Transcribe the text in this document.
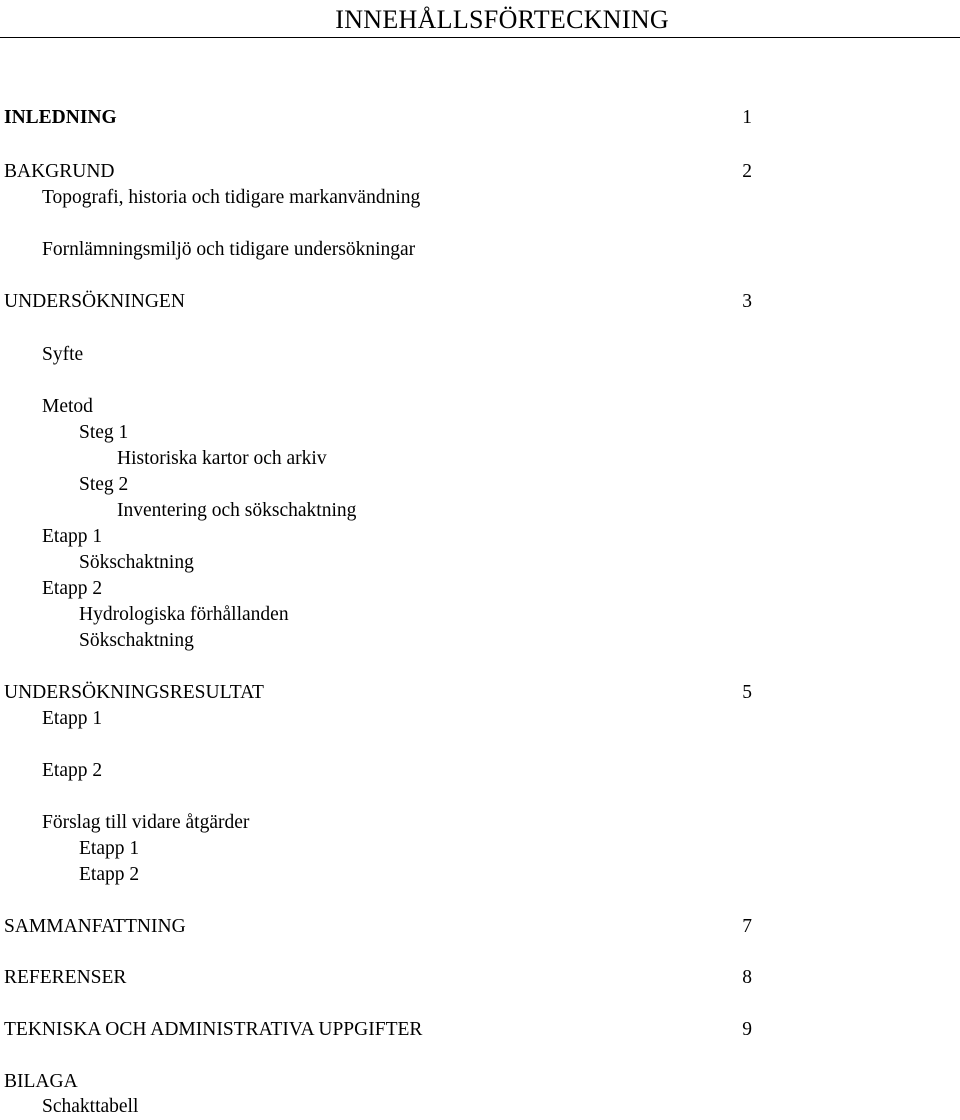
INNEHÅLLSFÖRTECKNING
INLEDNING	1
BAKGRUND	2
Topografi, historia och tidigare markanvändning
Fornlämningsmiljö och tidigare undersökningar
UNDERSÖKNINGEN	3
Syfte
Metod
Steg 1
Historiska kartor och arkiv
Steg 2
Inventering och sökschaktning
Etapp 1
Sökschaktning
Etapp 2
Hydrologiska förhållanden
Sökschaktning
UNDERSÖKNINGSRESULTAT	5
Etapp 1
Etapp 2
Förslag till vidare åtgärder
Etapp 1
Etapp 2
SAMMANFATTNING	7
REFERENSER	8
TEKNISKA OCH ADMINISTRATIVA UPPGIFTER	9
BILAGA
Schakttabell
